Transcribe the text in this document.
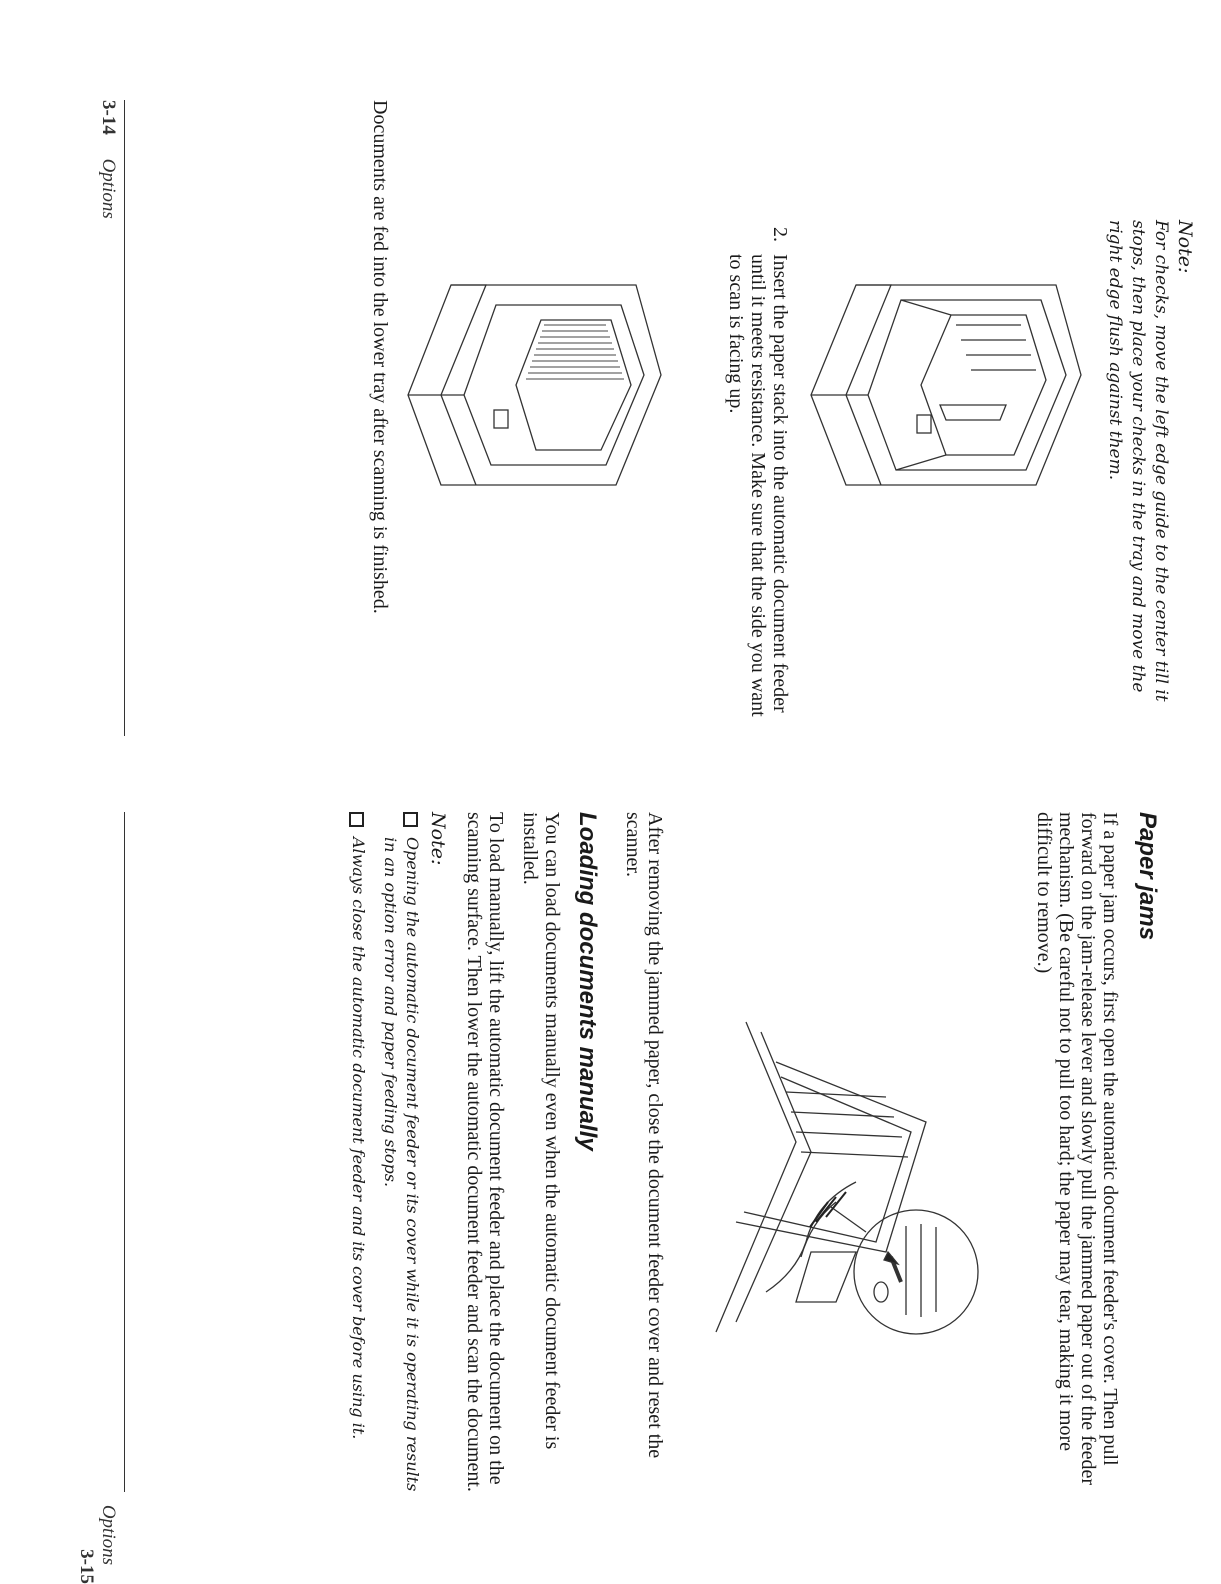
3-14     Options

Note:

For checks, move the left edge guide to the center till it stops, then place your checks in the tray and move the right edge flush against them.

2.

Insert the paper stack into the automatic document feeder until it meets resistance. Make sure that the side you want to scan is facing up.

Documents are fed into the lower tray after scanning is finished.

Options     3-15
Paper jams

If a paper jam occurs, first open the automatic document feeder's cover. Then pull forward on the jam-release lever and slowly pull the jammed paper out of the feeder mechanism. (Be careful not to pull too hard; the paper may tear, making it more difficult to remove.)

After removing the jammed paper, close the document feeder cover and reset the scanner.

Loading documents manually

You can load documents manually even when the automatic document feeder is installed.

To load manually, lift the automatic document feeder and place the document on the scanning surface. Then lower the automatic document feeder and scan the document.

Note:

Opening the automatic document feeder or its cover while it is operating results in an option error and paper feeding stops.
Always close the automatic document feeder and its cover before using it.
